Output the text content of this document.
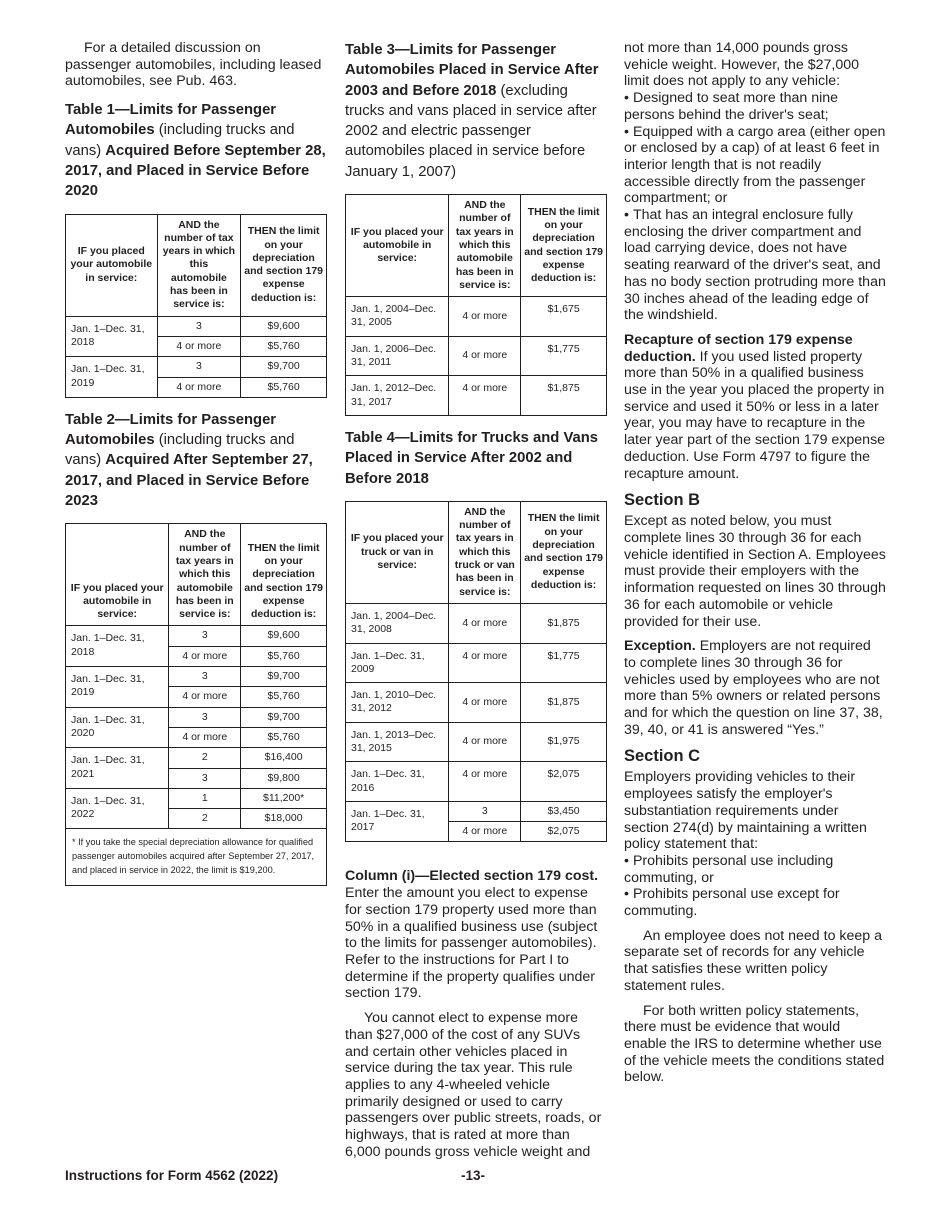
For a detailed discussion on passenger automobiles, including leased automobiles, see Pub. 463.

Table 1—Limits for Passenger Automobiles (including trucks and vans) Acquired Before September 28, 2017, and Placed in Service Before 2020
IF you placed your automobile in service:	AND the number of tax years in which this automobile has been in service is:	THEN the limit on your depreciation and section 179 expense deduction is:
Jan. 1–Dec. 31, 2018	3	$9,600
	4 or more	$5,760
Jan. 1–Dec. 31, 2019	3	$9,700
	4 or more	$5,760
Table 2—Limits for Passenger Automobiles (including trucks and vans) Acquired After September 27, 2017, and Placed in Service Before 2023
IF you placed your automobile in service:	AND the number of tax years in which this automobile has been in service is:	THEN the limit on your depreciation and section 179 expense deduction is:
Jan. 1–Dec. 31, 2018	3	$9,600
	4 or more	$5,760
Jan. 1–Dec. 31, 2019	3	$9,700
	4 or more	$5,760
Jan. 1–Dec. 31, 2020	3	$9,700
	4 or more	$5,760
Jan. 1–Dec. 31, 2021	2	$16,400
	3	$9,800
Jan. 1–Dec. 31, 2022	1	$11,200*
	2	$18,000
* If you take the special depreciation allowance for qualified passenger automobiles acquired after September 27, 2017, and placed in service in 2022, the limit is $19,200.		
Table 3—Limits for Passenger Automobiles Placed in Service After 2003 and Before 2018 (excluding trucks and vans placed in service after 2002 and electric passenger automobiles placed in service before January 1, 2007)
IF you placed your automobile in service:	AND the number of tax years in which this automobile has been in service is:	THEN the limit on your depreciation and section 179 expense deduction is:
Jan. 1, 2004–Dec. 31, 2005	4 or more	$1,675
Jan. 1, 2006–Dec. 31, 2011	4 or more	$1,775
Jan. 1, 2012–Dec. 31, 2017	4 or more	$1,875
Table 4—Limits for Trucks and Vans Placed in Service After 2002 and Before 2018
IF you placed your truck or van in service:	AND the number of tax years in which this truck or van has been in service is:	THEN the limit on your depreciation and section 179 expense deduction is:
Jan. 1, 2004–Dec. 31, 2008	4 or more	$1,875
Jan. 1–Dec. 31, 2009	4 or more	$1,775
Jan. 1, 2010–Dec. 31, 2012	4 or more	$1,875
Jan. 1, 2013–Dec. 31, 2015	4 or more	$1,975
Jan. 1–Dec. 31, 2016	4 or more	$2,075
Jan. 1–Dec. 31, 2017	3	$3,450
	4 or more	$2,075

Column (i)—Elected section 179 cost. Enter the amount you elect to expense for section 179 property used more than 50% in a qualified business use (subject to the limits for passenger automobiles). Refer to the instructions for Part I to determine if the property qualifies under section 179.

You cannot elect to expense more than $27,000 of the cost of any SUVs and certain other vehicles placed in service during the tax year. This rule applies to any 4-wheeled vehicle primarily designed or used to carry passengers over public streets, roads, or highways, that is rated at more than 6,000 pounds gross vehicle weight and

not more than 14,000 pounds gross vehicle weight. However, the $27,000 limit does not apply to any vehicle:

• Designed to seat more than nine persons behind the driver's seat;
• Equipped with a cargo area (either open or enclosed by a cap) of at least 6 feet in interior length that is not readily accessible directly from the passenger compartment; or
• That has an integral enclosure fully enclosing the driver compartment and load carrying device, does not have seating rearward of the driver's seat, and has no body section protruding more than 30 inches ahead of the leading edge of the windshield.

Recapture of section 179 expense deduction. If you used listed property more than 50% in a qualified business use in the year you placed the property in service and used it 50% or less in a later year, you may have to recapture in the later year part of the section 179 expense deduction. Use Form 4797 to figure the recapture amount.

Section B

Except as noted below, you must complete lines 30 through 36 for each vehicle identified in Section A. Employees must provide their employers with the information requested on lines 30 through 36 for each automobile or vehicle provided for their use.

Exception. Employers are not required to complete lines 30 through 36 for vehicles used by employees who are not more than 5% owners or related persons and for which the question on line 37, 38, 39, 40, or 41 is answered “Yes.”

Section C

Employers providing vehicles to their employees satisfy the employer's substantiation requirements under section 274(d) by maintaining a written policy statement that:

• Prohibits personal use including commuting, or
• Prohibits personal use except for commuting.

An employee does not need to keep a separate set of records for any vehicle that satisfies these written policy statement rules.

For both written policy statements, there must be evidence that would enable the IRS to determine whether use of the vehicle meets the conditions stated below.

Instructions for Form 4562 (2022)	-13-
